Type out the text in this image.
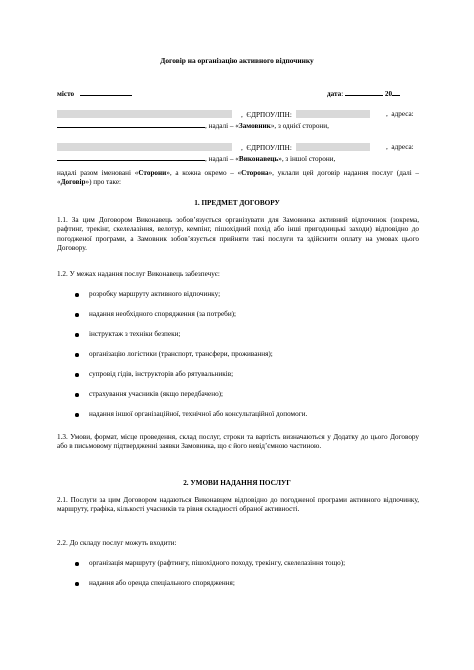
Договір на організацію активного відпочинку
місто	дата:	20
,  ЄДРПОУ/ІПН:	,  адреса:
, надалі – «Замовник», з однієї сторони,
,  ЄДРПОУ/ІПН:	,  адреса:
, надалі – «Виконавець», з іншої сторони,

надалі разом іменовані «Сторони», а кожна окремо – «Сторона», уклали цей договір надання послуг (далі – «Договір») про таке:

1. ПРЕДМЕТ ДОГОВОРУ

1.1. За цим Договором Виконавець зобов’язується організувати для Замовника активний відпочинок (зокрема, рафтинг, трекінг, скелелазіння, велотур, кемпінг, пішохідний похід або інші пригодницькі заходи) відповідно до погодженої програми, а Замовник зобов’язується прийняти такі послуги та здійснити оплату на умовах цього Договору.

1.2. У межах надання послуг Виконавець забезпечує:

розробку маршруту активного відпочинку;
надання необхідного спорядження (за потреби);
інструктаж з техніки безпеки;
організацію логістики (транспорт, трансфери, проживання);
супровід гідів, інструкторів або рятувальників;
страхування учасників (якщо передбачено);
надання іншої організаційної, технічної або консультаційної допомоги.

1.3. Умови, формат, місце проведення, склад послуг, строки та вартість визначаються у Додатку до цього Договору або в письмовому підтвердженні заявки Замовника, що є його невід’ємною частиною.

2. УМОВИ НАДАННЯ ПОСЛУГ

2.1. Послуги за цим Договором надаються Виконавцем відповідно до погодженої програми активного відпочинку, маршруту, графіка, кількості учасників та рівня складності обраної активності.

2.2. До складу послуг можуть входити:

організація маршруту (рафтингу, пішохідного походу, трекінгу, скелелазіння тощо);
надання або оренда спеціального спорядження;
